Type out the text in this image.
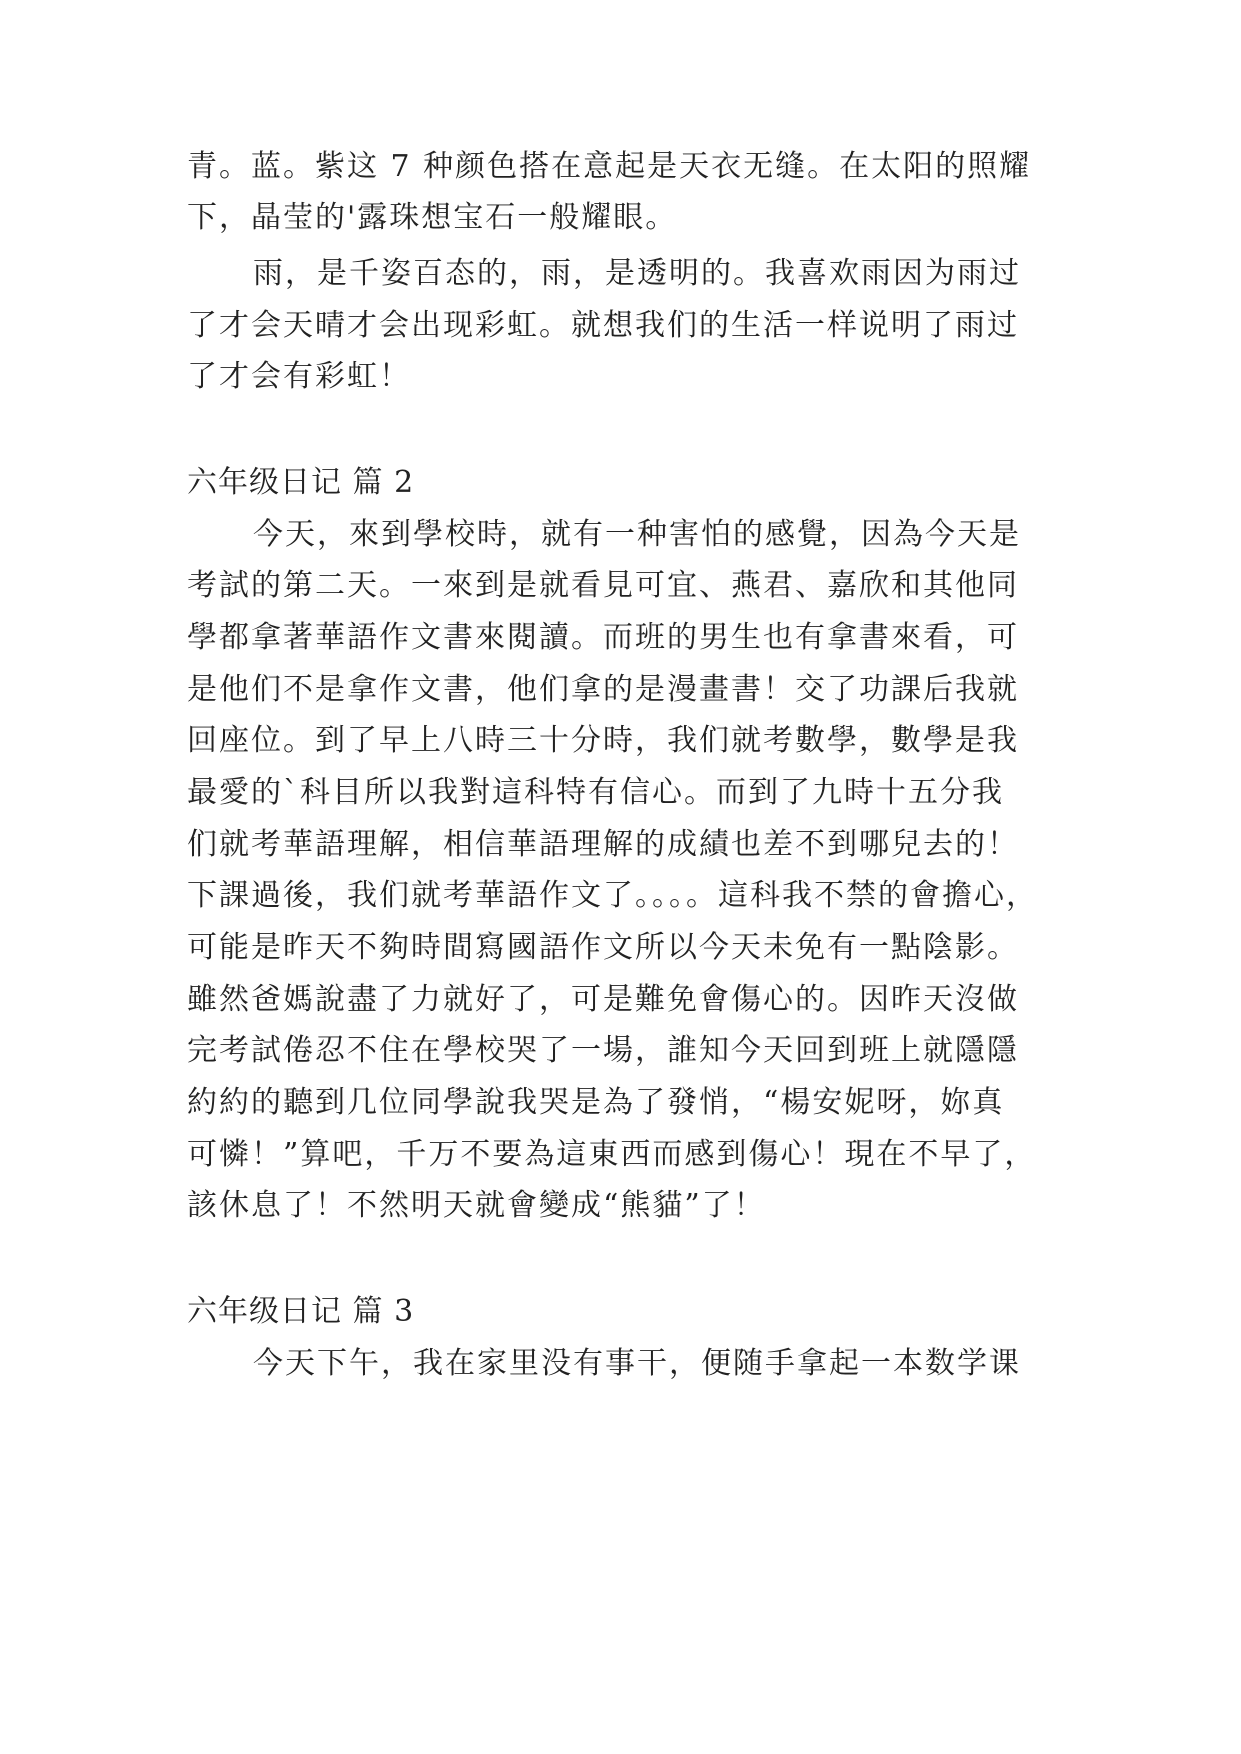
青。蓝。紫这 7 种颜色搭在意起是天衣无缝。在太阳的照耀
下，晶莹的'露珠想宝石一般耀眼。
雨，是千姿百态的，雨，是透明的。我喜欢雨因为雨过
了才会天晴才会出现彩虹。就想我们的生活一样说明了雨过
了才会有彩虹！
六年级日记 篇 2
今天，來到學校時，就有一种害怕的感覺，因為今天是
考試的第二天。一來到是就看見可宜、燕君、嘉欣和其他同
學都拿著華語作文書來閱讀。而班的男生也有拿書來看，可
是他们不是拿作文書，他们拿的是漫畫書！交了功課后我就
回座位。到了早上八時三十分時，我们就考數學，數學是我
最愛的`科目所以我對這科特有信心。而到了九時十五分我
们就考華語理解，相信華語理解的成績也差不到哪兒去的！
下課過後，我们就考華語作文了。。。。這科我不禁的會擔心，
可能是昨天不夠時間寫國語作文所以今天未免有一點陰影。
雖然爸媽說盡了力就好了，可是難免會傷心的。因昨天沒做
完考試倦忍不住在學校哭了一場，誰知今天回到班上就隱隱
約約的聽到几位同學說我哭是為了發悄，“楊安妮呀，妳真
可憐！”算吧，千万不要為這東西而感到傷心！現在不早了，
該休息了！不然明天就會變成“熊貓”了！
六年级日记 篇 3
今天下午，我在家里没有事干，便随手拿起一本数学课
